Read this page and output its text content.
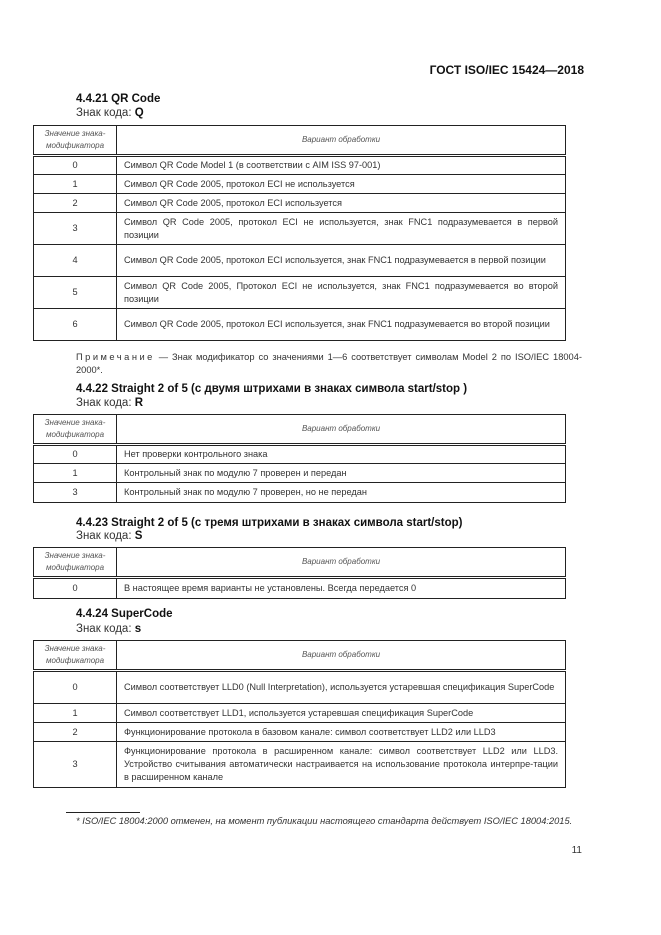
ГОСТ ISO/IEC 15424—2018
4.4.21 QR Code
Знак кода: Q
Значение знака-модификатора	Вариант обработки
0	Символ QR Code Model 1 (в соответствии с AIM ISS 97-001)
1	Символ QR Code 2005, протокол ECI не используется
2	Символ QR Code 2005, протокол ECI используется
3	Символ QR Code 2005, протокол ECI не используется, знак FNC1 подразумевается в первой позиции
4	Символ QR Code 2005, протокол ECI используется, знак FNC1 подразумевается в первой позиции
5	Символ QR Code 2005, Протокол ECI не используется, знак FNC1 подразумевается во второй позиции
6	Символ QR Code 2005, протокол ECI используется, знак FNC1 подразумевается во второй позиции
Примечание — Знак модификатор со значениями 1—6 соответствует символам Model 2 по ISO/IEC 18004-2000*.
4.4.22 Straight 2 of 5 (с двумя штрихами в знаках символа start/stop )
Знак кода: R
Значение знака-модификатора	Вариант обработки
0	Нет проверки контрольного знака
1	Контрольный знак по модулю 7 проверен и передан
3	Контрольный знак по модулю 7 проверен, но не передан
4.4.23 Straight 2 of 5 (с тремя штрихами в знаках символа start/stop)
Знак кода: S
Значение знака-модификатора	Вариант обработки
0	В настоящее время варианты не установлены. Всегда передается 0
4.4.24 SuperCode
Знак кода: s
Значение знака-модификатора	Вариант обработки
0	Символ соответствует LLD0 (Null Interpretation), используется устаревшая спецификация SuperCode
1	Символ соответствует LLD1, используется устаревшая спецификация SuperCode
2	Функционирование протокола в базовом канале: символ соответствует LLD2 или LLD3
3	Функционирование протокола в расширенном канале: символ соответствует LLD2 или LLD3. Устройство считывания автоматически настраивается на использование протокола интерпре-тации в расширенном канале
* ISO/IEC 18004:2000 отменен, на момент публикации настоящего стандарта действует ISO/IEC 18004:2015.
11
